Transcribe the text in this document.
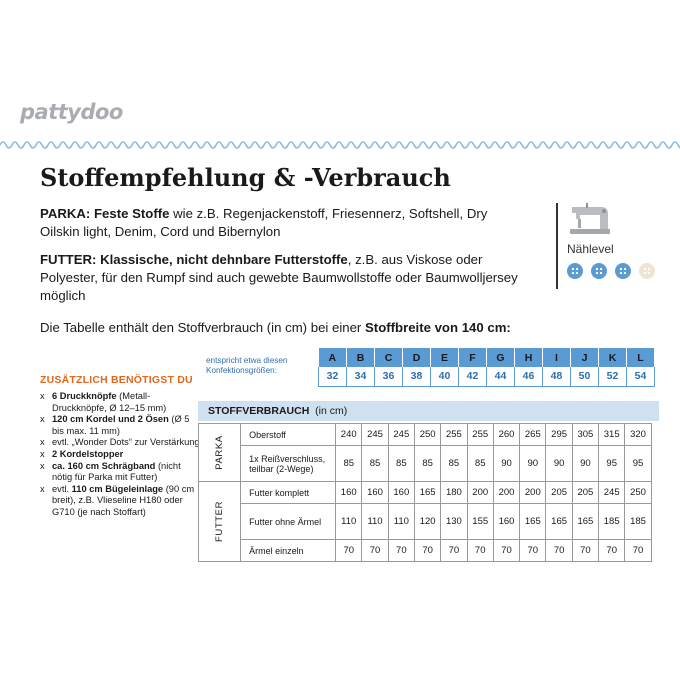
pattydoo
Stoffempfehlung & -Verbrauch
PARKA: Feste Stoffe wie z.B. Regenjackenstoff, Friesennerz, Softshell, Dry Oilskin light, Denim, Cord und Bibernylon
FUTTER: Klassische, nicht dehnbare Futterstoffe, z.B. aus Viskose oder Polyester, für den Rumpf sind auch gewebte Baumwollstoffe oder Baumwolljersey möglich
Nählevel
Die Tabelle enthält den Stoffverbrauch (in cm) bei einer Stoffbreite von 140 cm:
ZUSÄTZLICH BENÖTIGST DU
x 6 Druckknöpfe (Metall-Druckknöpfe, Ø 12–15 mm)
x 120 cm Kordel und 2 Ösen (Ø 5 bis max. 11 mm)
x evtl. „Wonder Dots“ zur Verstärkung
x 2 Kordelstopper
x ca. 160 cm Schrägband (nicht nötig für Parka mit Futter)
x evtl. 110 cm Bügeleinlage (90 cm breit), z.B. Vlieseline H180 oder G710 (je nach Stoffart)
entspricht etwa diesen Konfektionsgrößen:
A	B	C	D	E	F	G	H	I	J	K	L
32	34	36	38	40	42	44	46	48	50	52	54
STOFFVERBRAUCH (in cm)
PARKA	Oberstoff	240	245	245	250	255	255	260	265	295	305	315	320
	1x Reißverschluss, teilbar (2-Wege)	85	85	85	85	85	85	90	90	90	90	95	95
FUTTER	Futter komplett	160	160	160	165	180	200	200	200	205	205	245	250
	Futter ohne Ärmel	110	110	110	120	130	155	160	165	165	165	185	185
	Ärmel einzeln	70	70	70	70	70	70	70	70	70	70	70	70
